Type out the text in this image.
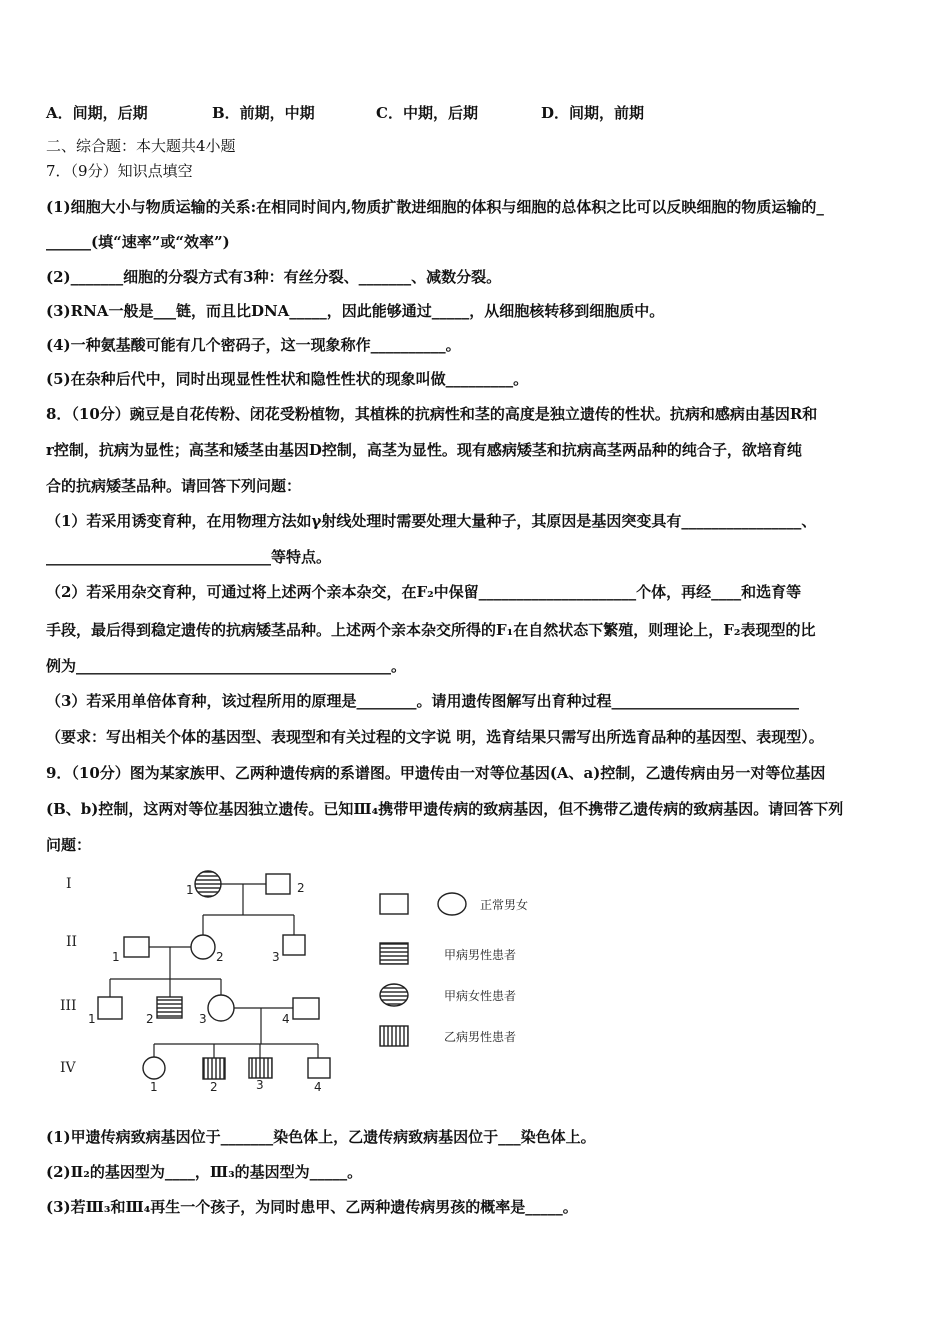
A．间期，后期	B．前期，中期	C．中期，后期	D．间期，前期
二、综合题：本大题共4小题
7．（9分）知识点填空
(1)细胞大小与物质运输的关系:在相同时间内,物质扩散进细胞的体积与细胞的总体积之比可以反映细胞的物质运输的_
______(填“速率”或“效率”)
(2)_______细胞的分裂方式有3种：有丝分裂、_______、减数分裂。
(3)RNA一般是___链，而且比DNA_____，因此能够通过_____，从细胞核转移到细胞质中。
(4)一种氨基酸可能有几个密码子，这一现象称作__________。
(5)在杂种后代中，同时出现显性性状和隐性性状的现象叫做_________。
8．（10分）豌豆是自花传粉、闭花受粉植物，其植株的抗病性和茎的高度是独立遗传的性状。抗病和感病由基因R和
r控制，抗病为显性；高茎和矮茎由基因D控制，高茎为显性。现有感病矮茎和抗病高茎两品种的纯合子，欲培育纯
合的抗病矮茎品种。请回答下列问题：
（1）若采用诱变育种，在用物理方法如γ射线处理时需要处理大量种子，其原因是基因突变具有________________、
______________________________等特点。
（2）若采用杂交育种，可通过将上述两个亲本杂交，在F₂中保留_____________________个体，再经____和选育等
手段，最后得到稳定遗传的抗病矮茎品种。上述两个亲本杂交所得的F₁在自然状态下繁殖，则理论上，F₂表现型的比
例为__________________________________________。
（3）若采用单倍体育种，该过程所用的原理是________。请用遗传图解写出育种过程_________________________
（要求：写出相关个体的基因型、表现型和有关过程的文字说 明，选育结果只需写出所选育品种的基因型、表现型）。
9．（10分）图为某家族甲、乙两种遗传病的系谱图。甲遗传由一对等位基因(A、a)控制，乙遗传病由另一对等位基因
(B、b)控制，这两对等位基因独立遗传。已知Ⅲ₄携带甲遗传病的致病基因，但不携带乙遗传病的致病基因。请回答下列
问题：
I
II
III
IV
1	2
1	2	3
1	2	3	4
1	2	3	4
正常男女
甲病男性患者
甲病女性患者
乙病男性患者
(1)甲遗传病致病基因位于_______染色体上，乙遗传病致病基因位于___染色体上。
(2)Ⅱ₂的基因型为____，Ⅲ₃的基因型为_____。
(3)若Ⅲ₃和Ⅲ₄再生一个孩子，为同时患甲、乙两种遗传病男孩的概率是_____。
